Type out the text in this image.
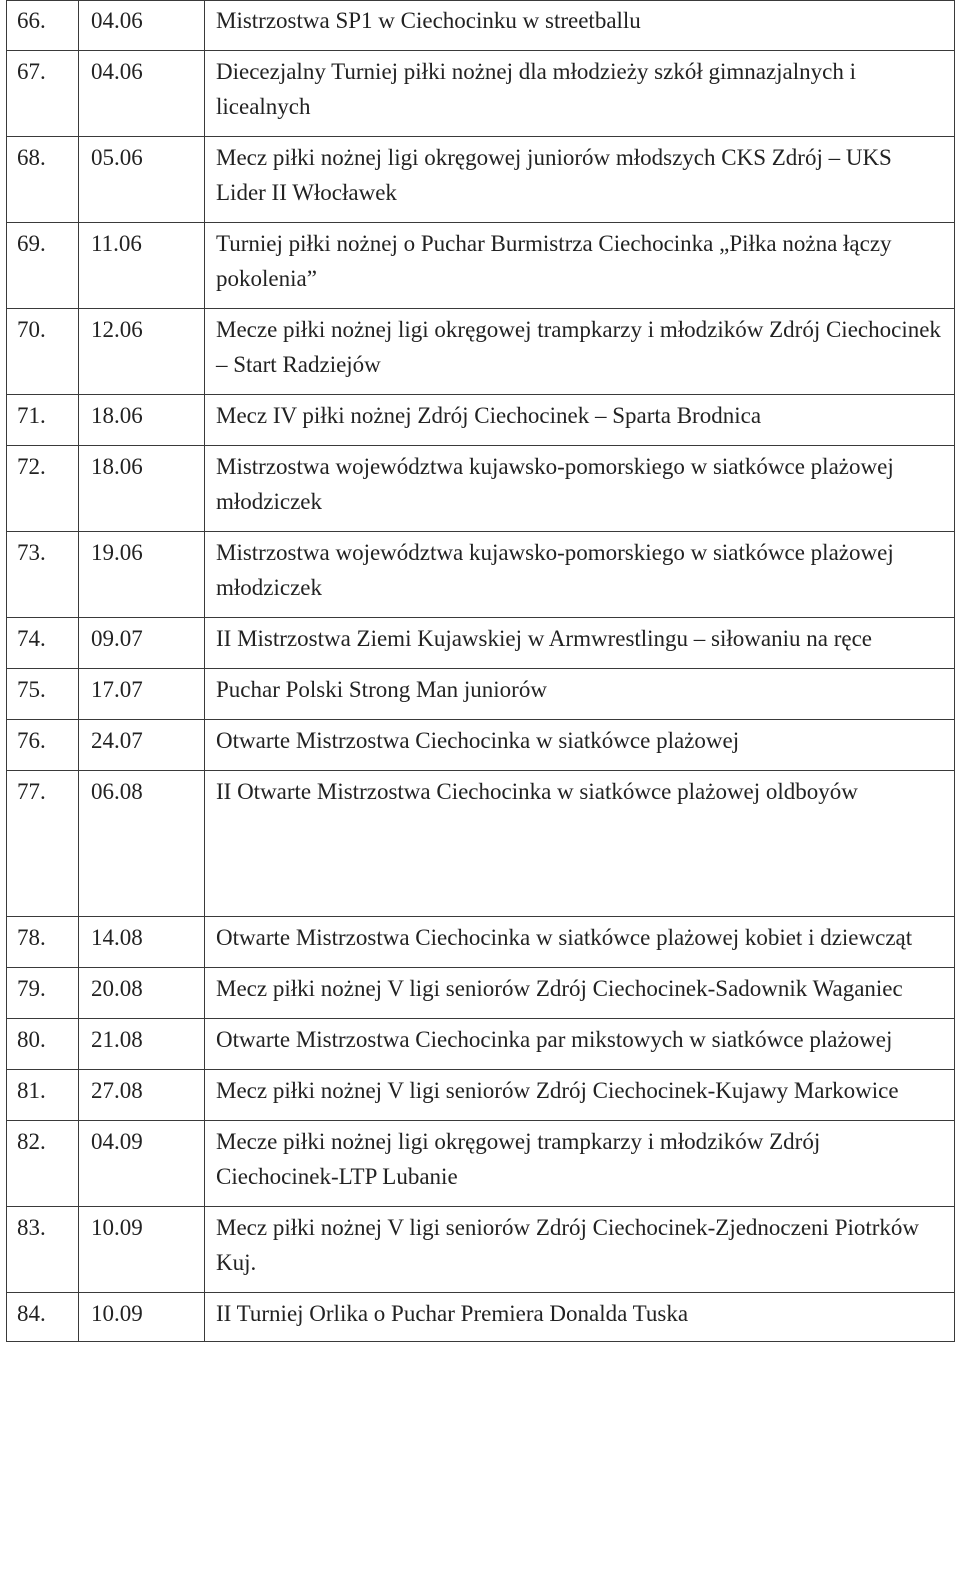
66.	04.06	Mistrzostwa SP1 w Ciechocinku w streetballu
67.	04.06	Diecezjalny Turniej piłki nożnej dla młodzieży szkół gimnazjalnych i licealnych
68.	05.06	Mecz piłki nożnej ligi okręgowej juniorów młodszych CKS Zdrój – UKS Lider II Włocławek
69.	11.06	Turniej piłki nożnej o Puchar Burmistrza Ciechocinka „Piłka nożna łączy pokolenia”
70.	12.06	Mecze piłki nożnej ligi okręgowej trampkarzy i młodzików Zdrój Ciechocinek – Start Radziejów
71.	18.06	Mecz IV piłki nożnej Zdrój Ciechocinek – Sparta Brodnica
72.	18.06	Mistrzostwa województwa kujawsko-pomorskiego w siatkówce plażowej młodziczek
73.	19.06	Mistrzostwa województwa kujawsko-pomorskiego w siatkówce plażowej młodziczek
74.	09.07	II Mistrzostwa Ziemi Kujawskiej w Armwrestlingu – siłowaniu na ręce
75.	17.07	Puchar Polski Strong Man juniorów
76.	24.07	Otwarte Mistrzostwa Ciechocinka w siatkówce plażowej
77.	06.08	II Otwarte Mistrzostwa Ciechocinka w siatkówce plażowej oldboyów
78.	14.08	Otwarte Mistrzostwa Ciechocinka w siatkówce plażowej kobiet i dziewcząt
79.	20.08	Mecz piłki nożnej V ligi seniorów Zdrój Ciechocinek-Sadownik Waganiec
80.	21.08	Otwarte Mistrzostwa Ciechocinka par mikstowych w siatkówce plażowej
81.	27.08	Mecz piłki nożnej V ligi seniorów Zdrój Ciechocinek-Kujawy Markowice
82.	04.09	Mecze piłki nożnej ligi okręgowej trampkarzy i młodzików Zdrój Ciechocinek-LTP Lubanie
83.	10.09	Mecz piłki nożnej V ligi seniorów Zdrój Ciechocinek-Zjednoczeni Piotrków Kuj.
84.	10.09	II Turniej Orlika o Puchar Premiera Donalda Tuska
